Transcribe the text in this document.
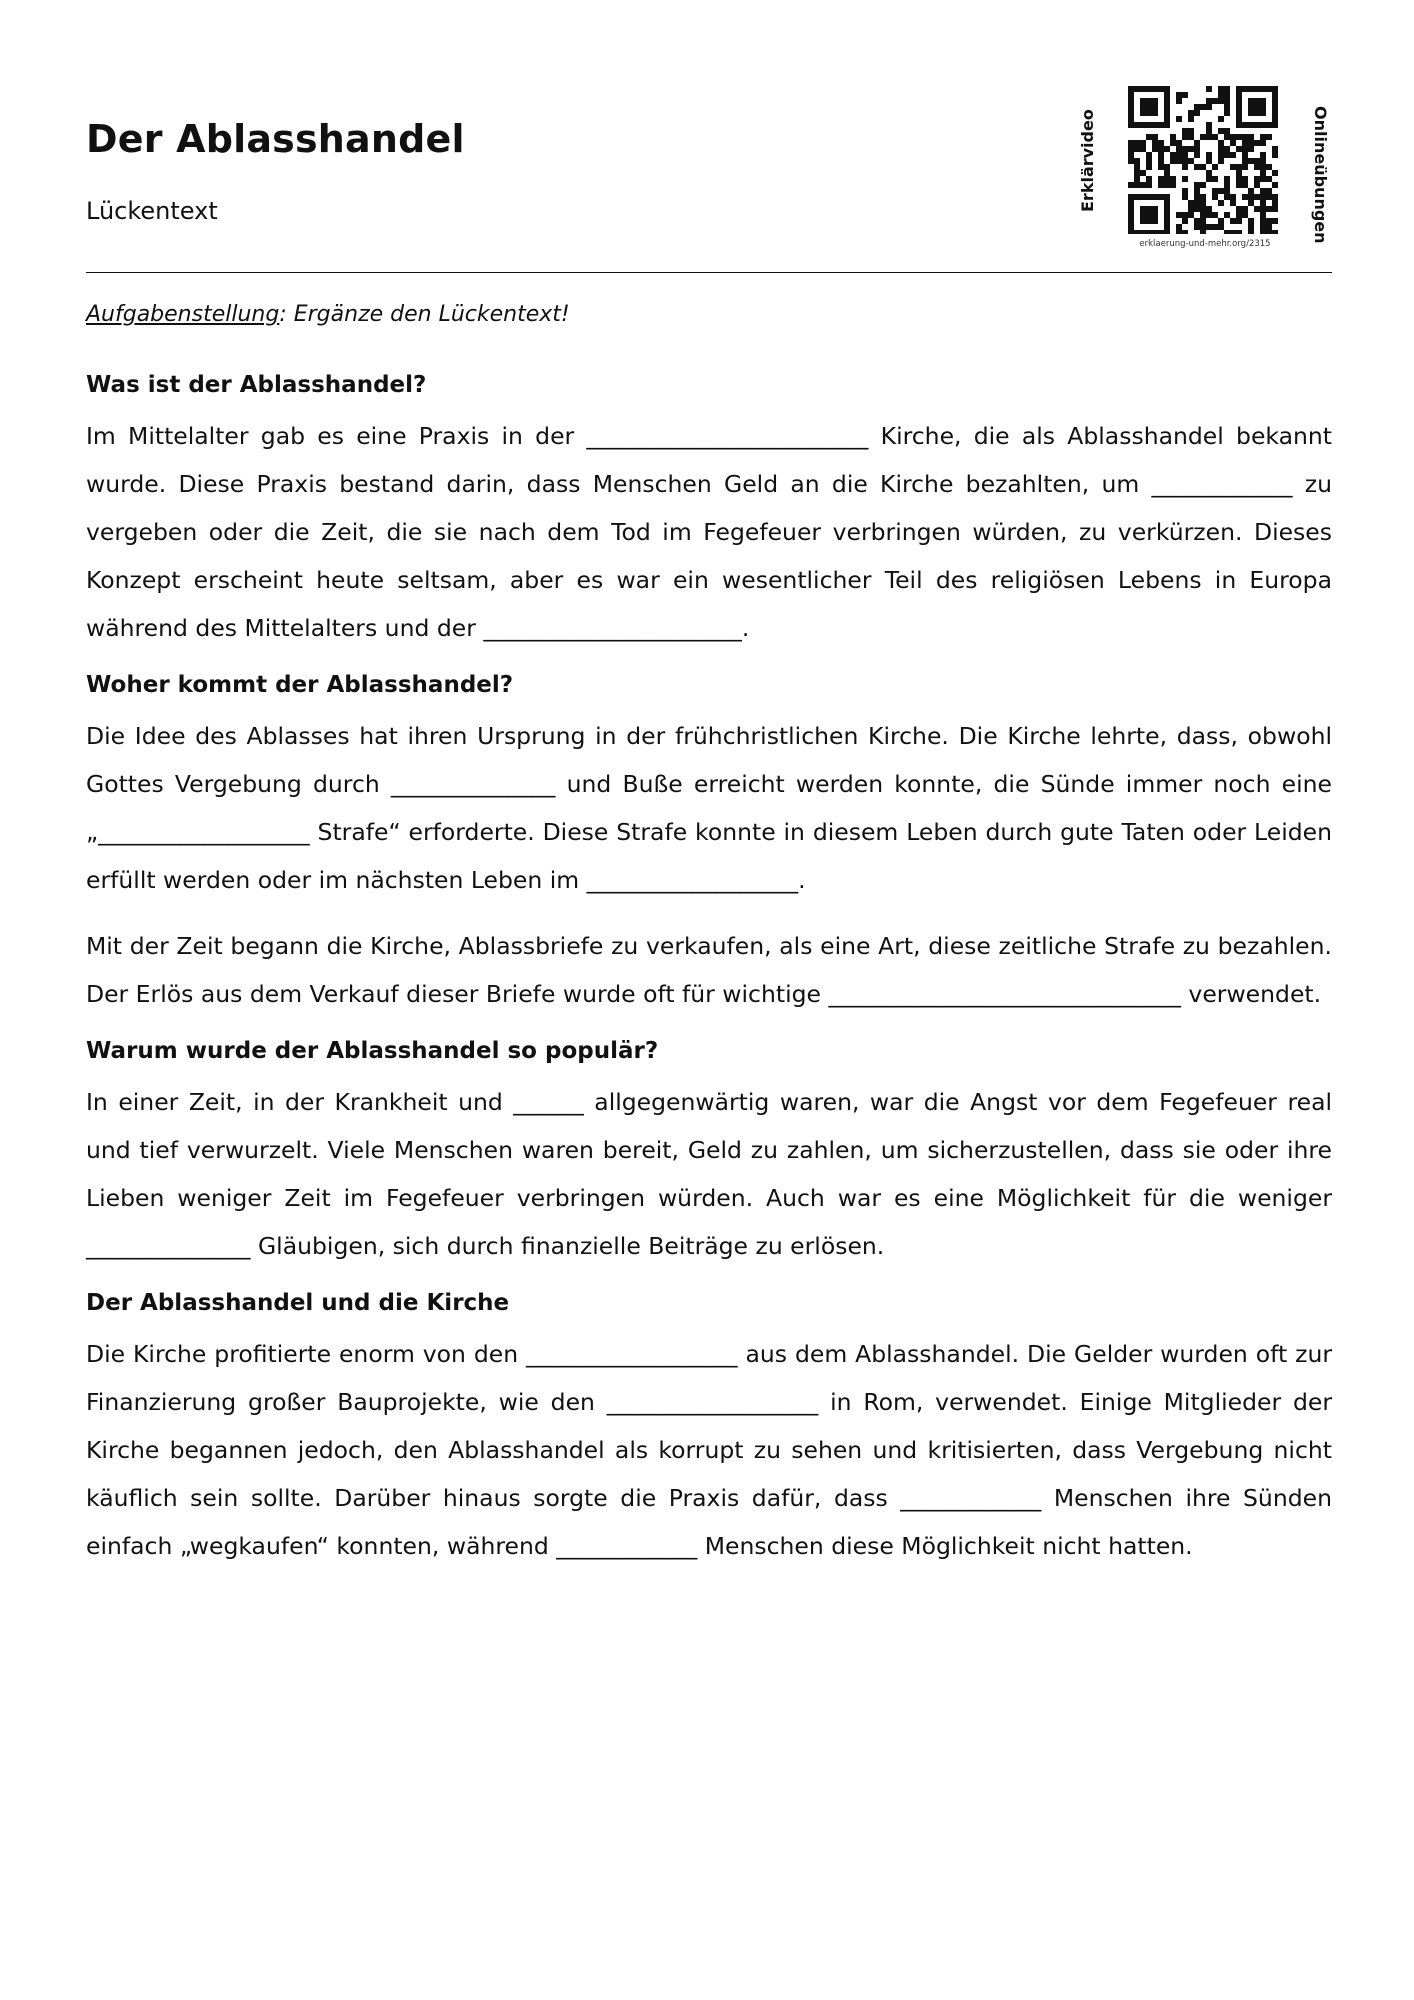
Der Ablasshandel
Lückentext	Erklärvideo
erklaerung-und-mehr.org/2315
Onlineübungen
Aufgabenstellung: Ergänze den Lückentext!
Was ist der Ablasshandel?

Im Mittelalter gab es eine Praxis in der ________________________ Kirche, die als Ablasshandel bekannt wurde. Diese Praxis bestand darin, dass Menschen Geld an die Kirche bezahlten, um ____________ zu vergeben oder die Zeit, die sie nach dem Tod im Fegefeuer verbringen würden, zu verkürzen. Dieses Konzept erscheint heute seltsam, aber es war ein wesentlicher Teil des religiösen Lebens in Europa während des Mittelalters und der ______________________.

Woher kommt der Ablasshandel?

Die Idee des Ablasses hat ihren Ursprung in der frühchristlichen Kirche. Die Kirche lehrte, dass, obwohl Gottes Vergebung durch ______________ und Buße erreicht werden konnte, die Sünde immer noch eine „__________________ Strafe“ erforderte. Diese Strafe konnte in diesem Leben durch gute Taten oder Leiden erfüllt werden oder im nächsten Leben im __________________.

Mit der Zeit begann die Kirche, Ablassbriefe zu verkaufen, als eine Art, diese zeitliche Strafe zu bezahlen. Der Erlös aus dem Verkauf dieser Briefe wurde oft für wichtige ______________________________ verwendet.

Warum wurde der Ablasshandel so populär?

In einer Zeit, in der Krankheit und ______ allgegenwärtig waren, war die Angst vor dem Fegefeuer real und tief verwurzelt. Viele Menschen waren bereit, Geld zu zahlen, um sicherzustellen, dass sie oder ihre Lieben weniger Zeit im Fegefeuer verbringen würden. Auch war es eine Möglichkeit für die weniger ______________ Gläubigen, sich durch finanzielle Beiträge zu erlösen.

Der Ablasshandel und die Kirche

Die Kirche profitierte enorm von den __________________ aus dem Ablasshandel. Die Gelder wurden oft zur Finanzierung großer Bauprojekte, wie den __________________ in Rom, verwendet. Einige Mitglieder der Kirche begannen jedoch, den Ablasshandel als korrupt zu sehen und kritisierten, dass Vergebung nicht käuflich sein sollte. Darüber hinaus sorgte die Praxis dafür, dass ____________ Menschen ihre Sünden einfach „wegkaufen“ konnten, während ____________ Menschen diese Möglichkeit nicht hatten.
